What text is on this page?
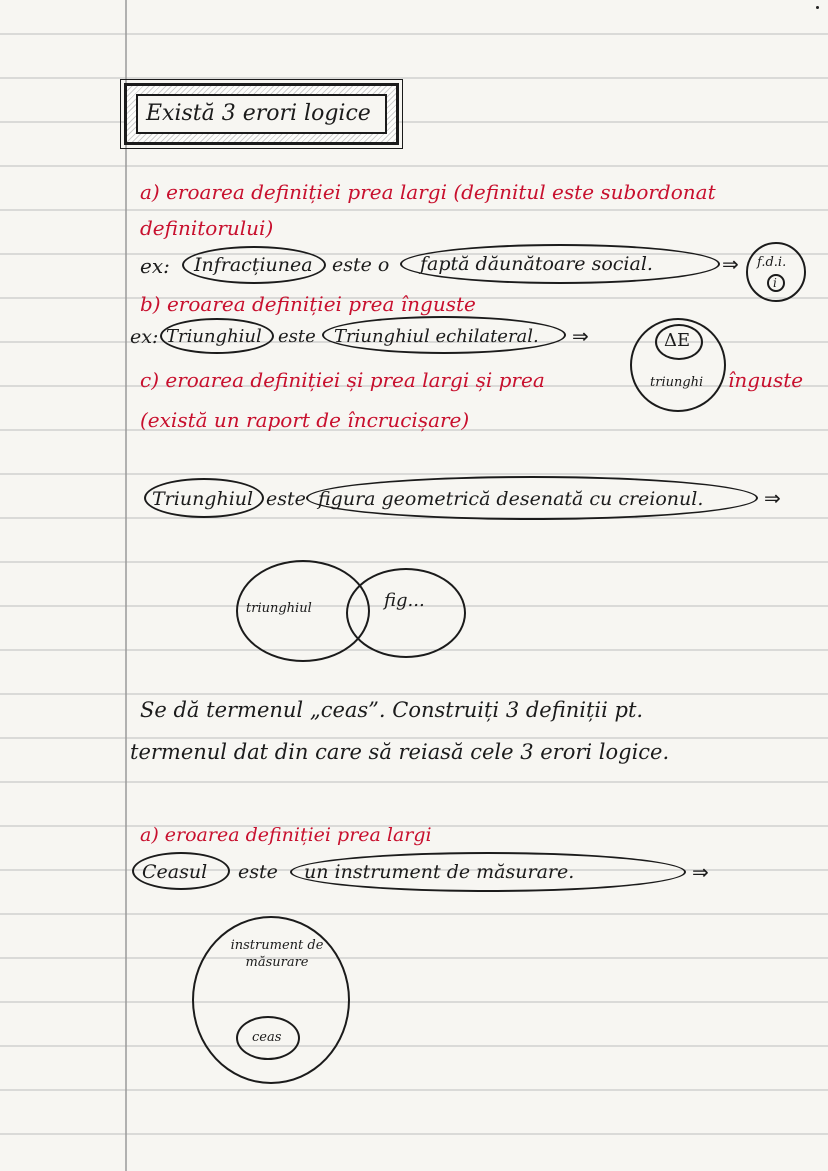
Există 3 erori logice
a) eroarea definiției prea largi (definitul este subordonat
definitorului)
ex: Infracțiunea este o faptă dăunătoare social.	⇒ f.d.i.
i
b) eroarea definiției prea înguste
ex: Triunghiul este Triunghiul echilateral. ⇒	ΔE
triunghi
c) eroarea definiției și prea largi și prea	înguste
(există un raport de încrucișare)
Triunghiul este figura geometrică desenată cu creionul.	⇒
triunghiul	fig...
Se dă termenul „ceas”. Construiți 3 definiții pt.
termenul dat din care să reiasă cele 3 erori logice.
a) eroarea definiției prea largi
Ceasul este un instrument de măsurare.	⇒
instrument de măsurare
ceas
